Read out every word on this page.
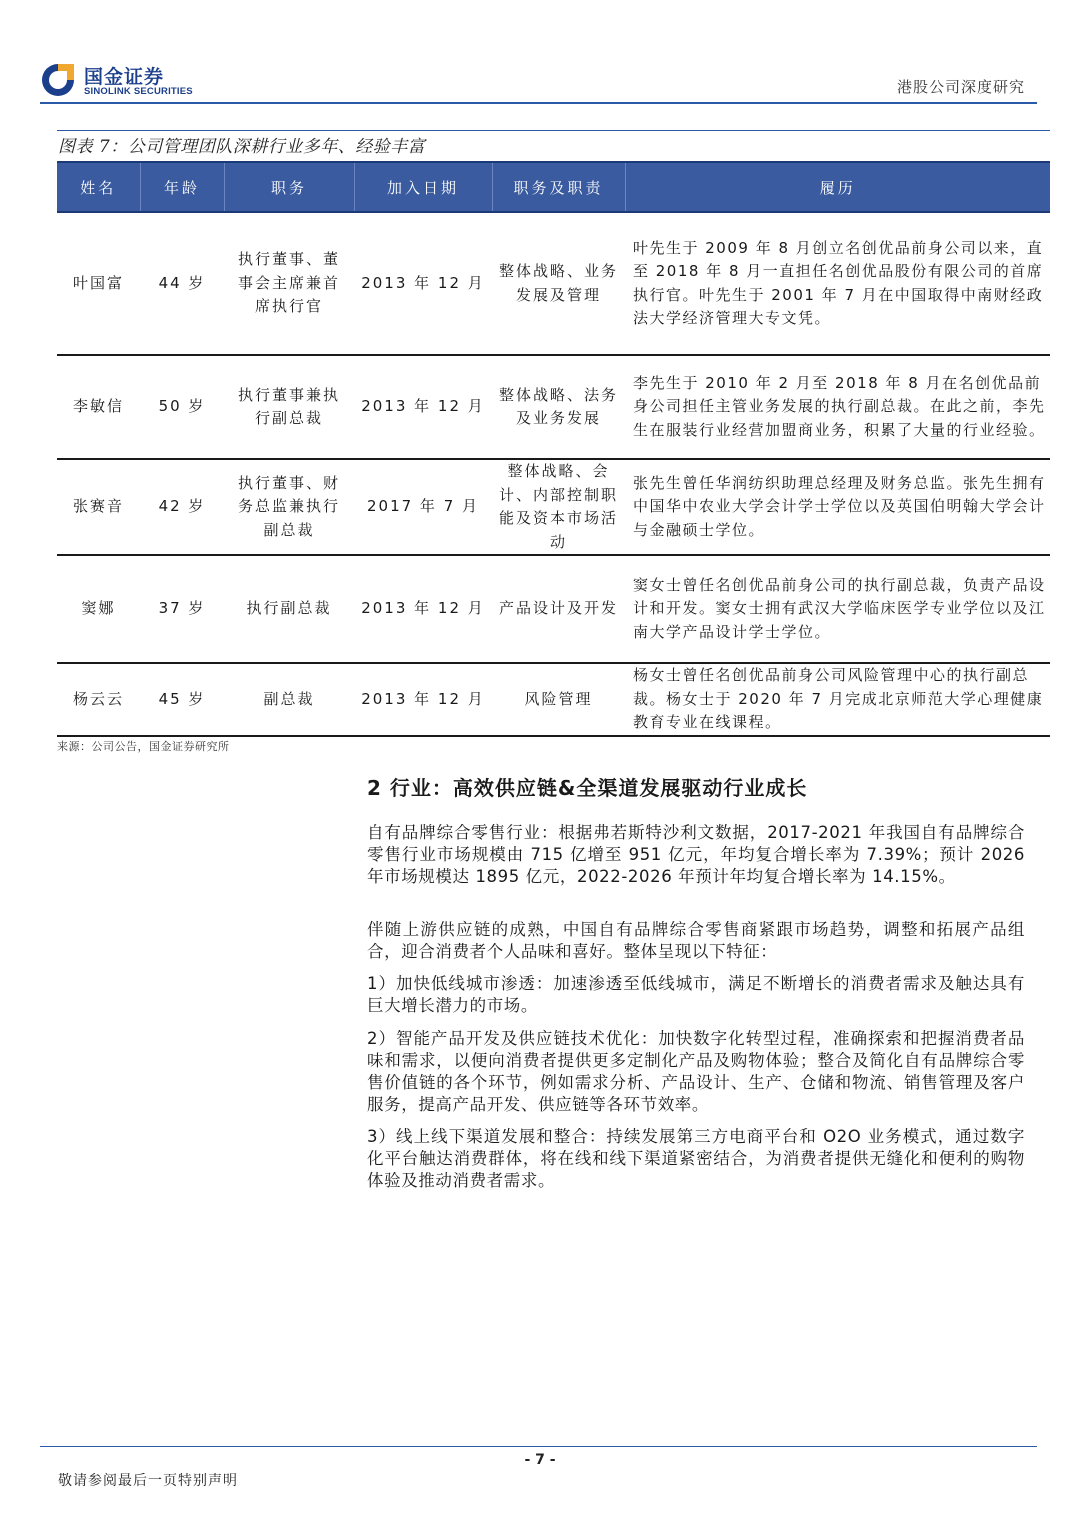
国金证券
SINOLINK SECURITIES	港股公司深度研究
图表 7：公司管理团队深耕行业多年、经验丰富
姓名	年龄	职务	加入日期	职务及职责	履历
叶国富	44 岁	执行董事、董事会主席兼首席执行官	2013 年 12 月	整体战略、业务发展及管理	叶先生于 2009 年 8 月创立名创优品前身公司以来，直至 2018 年 8 月一直担任名创优品股份有限公司的首席执行官。叶先生于 2001 年 7 月在中国取得中南财经政法大学经济管理大专文凭。
李敏信	50 岁	执行董事兼执行副总裁	2013 年 12 月	整体战略、法务及业务发展	李先生于 2010 年 2 月至 2018 年 8 月在名创优品前身公司担任主管业务发展的执行副总裁。在此之前，李先生在服装行业经营加盟商业务，积累了大量的行业经验。
张赛音	42 岁	执行董事、财务总监兼执行副总裁	2017 年 7 月	整体战略、会计、内部控制职能及资本市场活动	张先生曾任华润纺织助理总经理及财务总监。张先生拥有中国华中农业大学会计学士学位以及英国伯明翰大学会计与金融硕士学位。
窦娜	37 岁	执行副总裁	2013 年 12 月	产品设计及开发	窦女士曾任名创优品前身公司的执行副总裁，负责产品设计和开发。窦女士拥有武汉大学临床医学专业学位以及江南大学产品设计学士学位。
杨云云	45 岁	副总裁	2013 年 12 月	风险管理	杨女士曾任名创优品前身公司风险管理中心的执行副总裁。杨女士于 2020 年 7 月完成北京师范大学心理健康教育专业在线课程。
来源：公司公告，国金证券研究所
2 行业：高效供应链&全渠道发展驱动行业成长
自有品牌综合零售行业：根据弗若斯特沙利文数据，2017-2021 年我国自有品牌综合零售行业市场规模由 715 亿增至 951 亿元，年均复合增长率为 7.39%；预计 2026 年市场规模达 1895 亿元，2022-2026 年预计年均复合增长率为 14.15%。
伴随上游供应链的成熟，中国自有品牌综合零售商紧跟市场趋势，调整和拓展产品组合，迎合消费者个人品味和喜好。整体呈现以下特征：
1）加快低线城市渗透：加速渗透至低线城市，满足不断增长的消费者需求及触达具有巨大增长潜力的市场。
2）智能产品开发及供应链技术优化：加快数字化转型过程，准确探索和把握消费者品味和需求，以便向消费者提供更多定制化产品及购物体验；整合及简化自有品牌综合零售价值链的各个环节，例如需求分析、产品设计、生产、仓储和物流、销售管理及客户服务，提高产品开发、供应链等各环节效率。
3）线上线下渠道发展和整合：持续发展第三方电商平台和 O2O 业务模式，通过数字化平台触达消费群体，将在线和线下渠道紧密结合，为消费者提供无缝化和便利的购物体验及推动消费者需求。
- 7 -
敬请参阅最后一页特别声明
